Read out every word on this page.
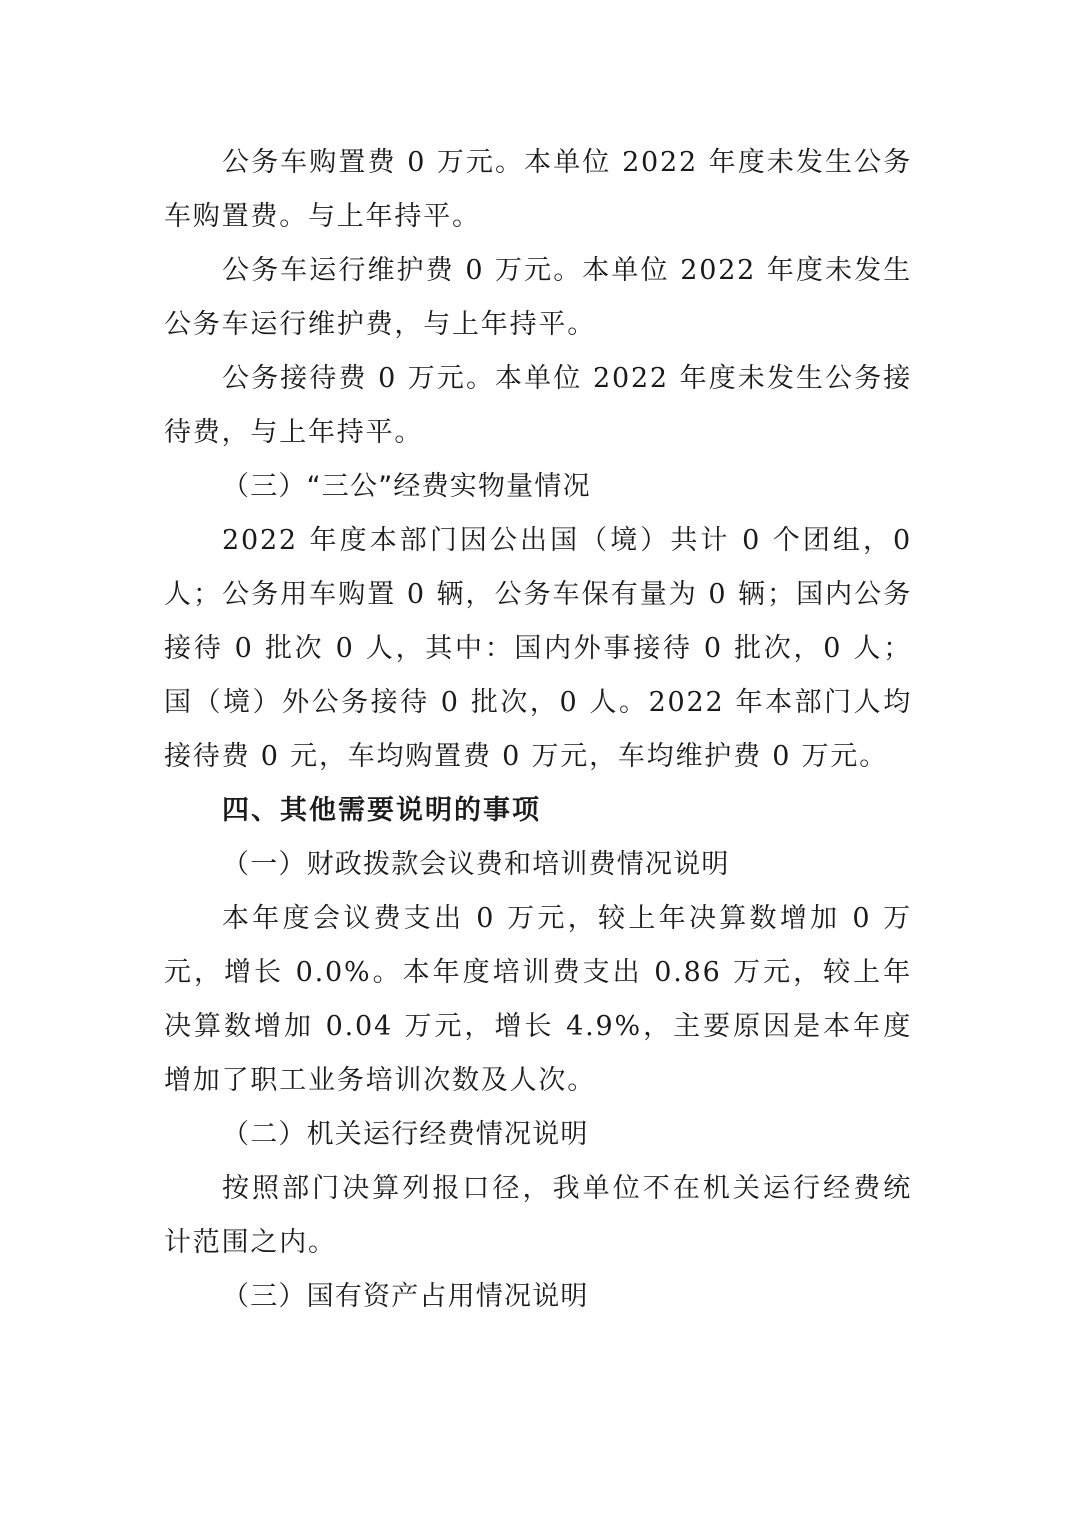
公务车购置费 0 万元。本单位 2022 年度未发生公务车购置费。与上年持平。

公务车运行维护费 0 万元。本单位 2022 年度未发生公务车运行维护费，与上年持平。

公务接待费 0 万元。本单位 2022 年度未发生公务接待费，与上年持平。

（三）“三公”经费实物量情况

2022 年度本部门因公出国（境）共计 0 个团组，0 人；公务用车购置 0 辆，公务车保有量为 0 辆；国内公务接待 0 批次 0 人，其中：国内外事接待 0 批次，0 人；国（境）外公务接待 0 批次，0 人。2022 年本部门人均接待费 0 元，车均购置费 0 万元，车均维护费 0 万元。

四、其他需要说明的事项

（一）财政拨款会议费和培训费情况说明

本年度会议费支出 0 万元，较上年决算数增加 0 万元，增长 0.0%。本年度培训费支出 0.86 万元，较上年决算数增加 0.04 万元，增长 4.9%，主要原因是本年度增加了职工业务培训次数及人次。

（二）机关运行经费情况说明

按照部门决算列报口径，我单位不在机关运行经费统计范围之内。

（三）国有资产占用情况说明
